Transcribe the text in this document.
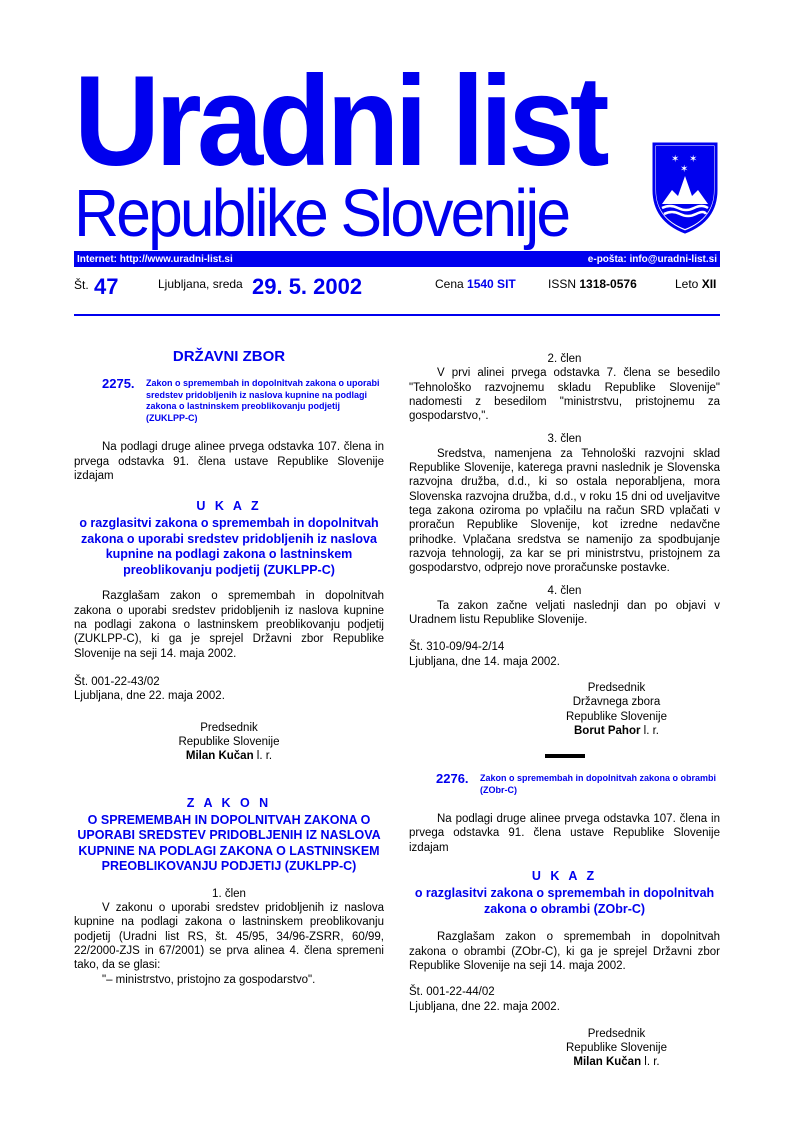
Uradni list
Republike Slovenije
✶ ✶
✶
Internet: http://www.uradni-list.si	e-pošta: info@uradni-list.si
Št. 47	Ljubljana, sreda 29. 5. 2002	Cena 1540 SIT	ISSN 1318-0576	Leto XII
DRŽAVNI ZBOR
2275.	Zakon o spremembah in dopolnitvah zakona o uporabi sredstev pridobljenih iz naslova kupnine na podlagi zakona o lastninskem preoblikovanju podjetij (ZUKLPP-C)

Na podlagi druge alinee prvega odstavka 107. člena in prvega odstavka 91. člena ustave Republike Slovenije izdajam

U K A Z
o razglasitvi zakona o spremembah in dopolnitvah zakona o uporabi sredstev pridobljenih iz naslova kupnine na podlagi zakona o lastninskem preoblikovanju podjetij (ZUKLPP-C)

Razglašam zakon o spremembah in dopolnitvah zakona o uporabi sredstev pridobljenih iz naslova kupnine na podlagi zakona o lastninskem preoblikovanju podjetij (ZUKLPP-C), ki ga je sprejel Državni zbor Republike Slovenije na seji 14. maja 2002.

Št. 001-22-43/02

Ljubljana, dne 22. maja 2002.

Predsednik
Republike Slovenije
Milan Kučan l. r.
Z A K O N
O SPREMEMBAH IN DOPOLNITVAH ZAKONA O UPORABI SREDSTEV PRIDOBLJENIH IZ NASLOVA KUPNINE NA PODLAGI ZAKONA O LASTNINSKEM PREOBLIKOVANJU PODJETIJ (ZUKLPP-C)
1. člen

V zakonu o uporabi sredstev pridobljenih iz naslova kupnine na podlagi zakona o lastninskem preoblikovanju podjetij (Uradni list RS, št. 45/95, 34/96-ZSRR, 60/99, 22/2000-ZJS in 67/2001) se prva alinea 4. člena spremeni tako, da se glasi:

"– ministrstvo, pristojno za gospodarstvo".

2. člen

V prvi alinei prvega odstavka 7. člena se besedilo "Tehnološko razvojnemu skladu Republike Slovenije" nadomesti z besedilom "ministrstvu, pristojnemu za gospodarstvo,".

3. člen

Sredstva, namenjena za Tehnološki razvojni sklad Republike Slovenije, katerega pravni naslednik je Slovenska razvojna družba, d.d., ki so ostala neporabljena, mora Slovenska razvojna družba, d.d., v roku 15 dni od uveljavitve tega zakona oziroma po vplačilu na račun SRD vplačati v proračun Republike Slovenije, kot izredne nedavčne prihodke. Vplačana sredstva se namenijo za spodbujanje razvoja tehnologij, za kar se pri ministrstvu, pristojnem za gospodarstvo, odprejo nove proračunske postavke.

4. člen

Ta zakon začne veljati naslednji dan po objavi v Uradnem listu Republike Slovenije.

Št. 310-09/94-2/14

Ljubljana, dne 14. maja 2002.

Predsednik
Državnega zbora
Republike Slovenije
Borut Pahor l. r.
2276.	Zakon o spremembah in dopolnitvah zakona o obrambi (ZObr-C)

Na podlagi druge alinee prvega odstavka 107. člena in prvega odstavka 91. člena ustave Republike Slovenije izdajam

U K A Z
o razglasitvi zakona o spremembah in dopolnitvah zakona o obrambi (ZObr-C)

Razglašam zakon o spremembah in dopolnitvah zakona o obrambi (ZObr-C), ki ga je sprejel Državni zbor Republike Slovenije na seji 14. maja 2002.

Št. 001-22-44/02

Ljubljana, dne 22. maja 2002.

Predsednik
Republike Slovenije
Milan Kučan l. r.
